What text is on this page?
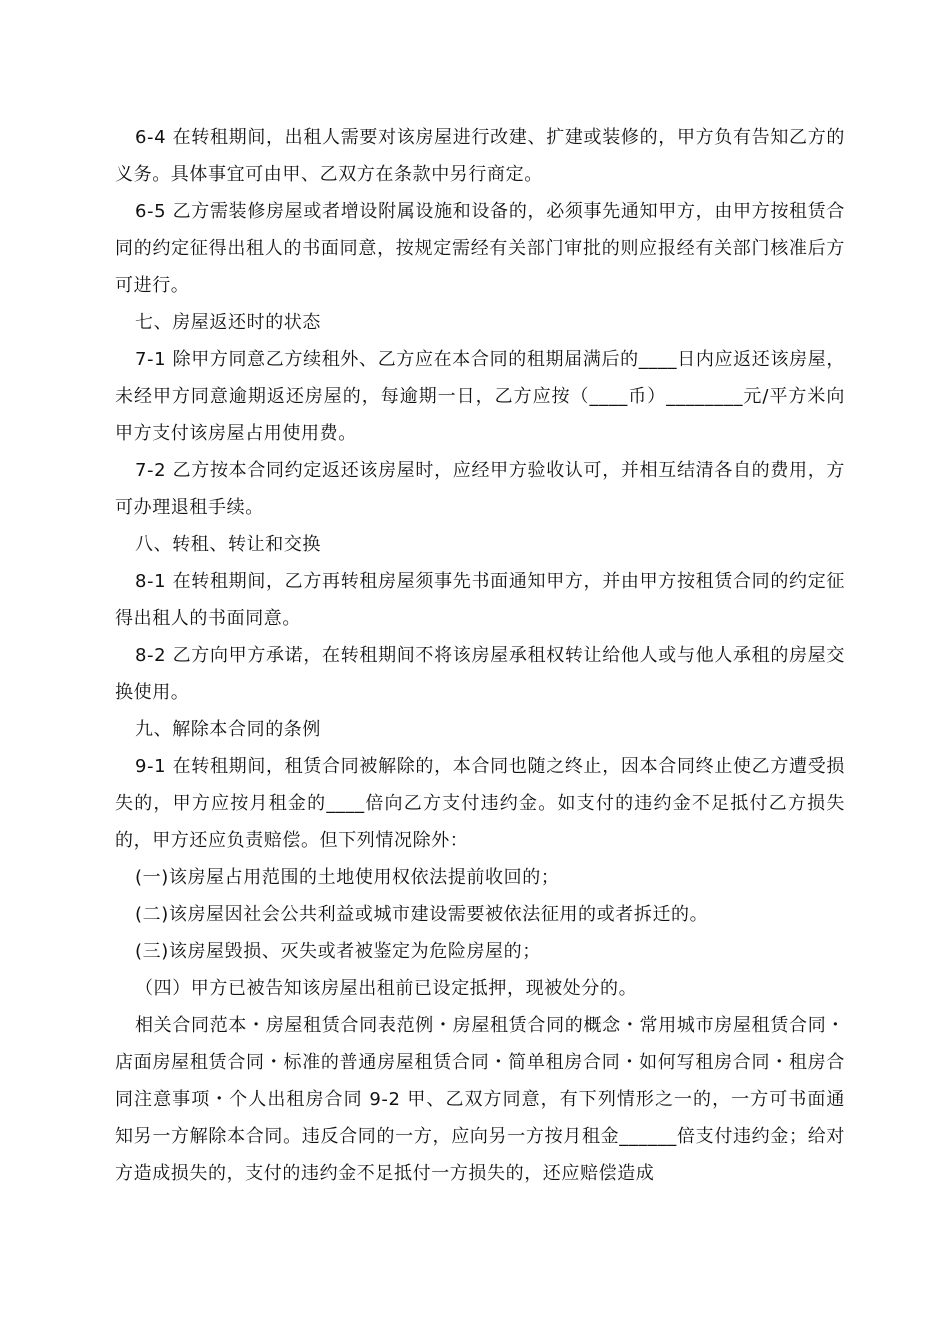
6-4 在转租期间，出租人需要对该房屋进行改建、扩建或装修的，甲方负有告知乙方的义务。具体事宜可由甲、乙双方在条款中另行商定。

6-5 乙方需装修房屋或者增设附属设施和设备的，必须事先通知甲方，由甲方按租赁合同的约定征得出租人的书面同意，按规定需经有关部门审批的则应报经有关部门核准后方可进行。

七、房屋返还时的状态

7-1 除甲方同意乙方续租外、乙方应在本合同的租期届满后的____日内应返还该房屋，未经甲方同意逾期返还房屋的，每逾期一日，乙方应按（____币）________元/平方米向甲方支付该房屋占用使用费。

7-2 乙方按本合同约定返还该房屋时，应经甲方验收认可，并相互结清各自的费用，方可办理退租手续。

八、转租、转让和交换

8-1 在转租期间，乙方再转租房屋须事先书面通知甲方，并由甲方按租赁合同的约定征得出租人的书面同意。

8-2 乙方向甲方承诺，在转租期间不将该房屋承租权转让给他人或与他人承租的房屋交换使用。

九、解除本合同的条例

9-1 在转租期间，租赁合同被解除的，本合同也随之终止，因本合同终止使乙方遭受损失的，甲方应按月租金的____倍向乙方支付违约金。如支付的违约金不足抵付乙方损失的，甲方还应负责赔偿。但下列情况除外：

(一)该房屋占用范围的土地使用权依法提前收回的；

(二)该房屋因社会公共利益或城市建设需要被依法征用的或者拆迁的。

(三)该房屋毁损、灭失或者被鉴定为危险房屋的；

（四）甲方已被告知该房屋出租前已设定抵押，现被处分的。

相关合同范本・房屋租赁合同表范例・房屋租赁合同的概念・常用城市房屋租赁合同・店面房屋租赁合同・标准的普通房屋租赁合同・简单租房合同・如何写租房合同・租房合同注意事项・个人出租房合同 9-2 甲、乙双方同意，有下列情形之一的，一方可书面通知另一方解除本合同。违反合同的一方，应向另一方按月租金______倍支付违约金；给对方造成损失的，支付的违约金不足抵付一方损失的，还应赔偿造成
